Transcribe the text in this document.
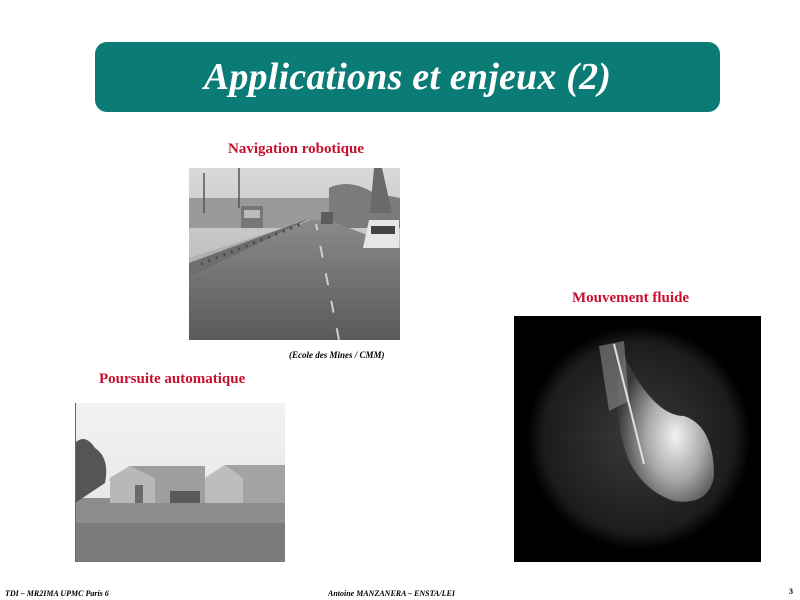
Applications et enjeux (2)
Navigation robotique
(Ecole des Mines / CMM)
Mouvement fluide
Poursuite automatique
TDI – MR2IMA UPMC Paris 6	Antoine MANZANERA – ENSTA/LEI	3
